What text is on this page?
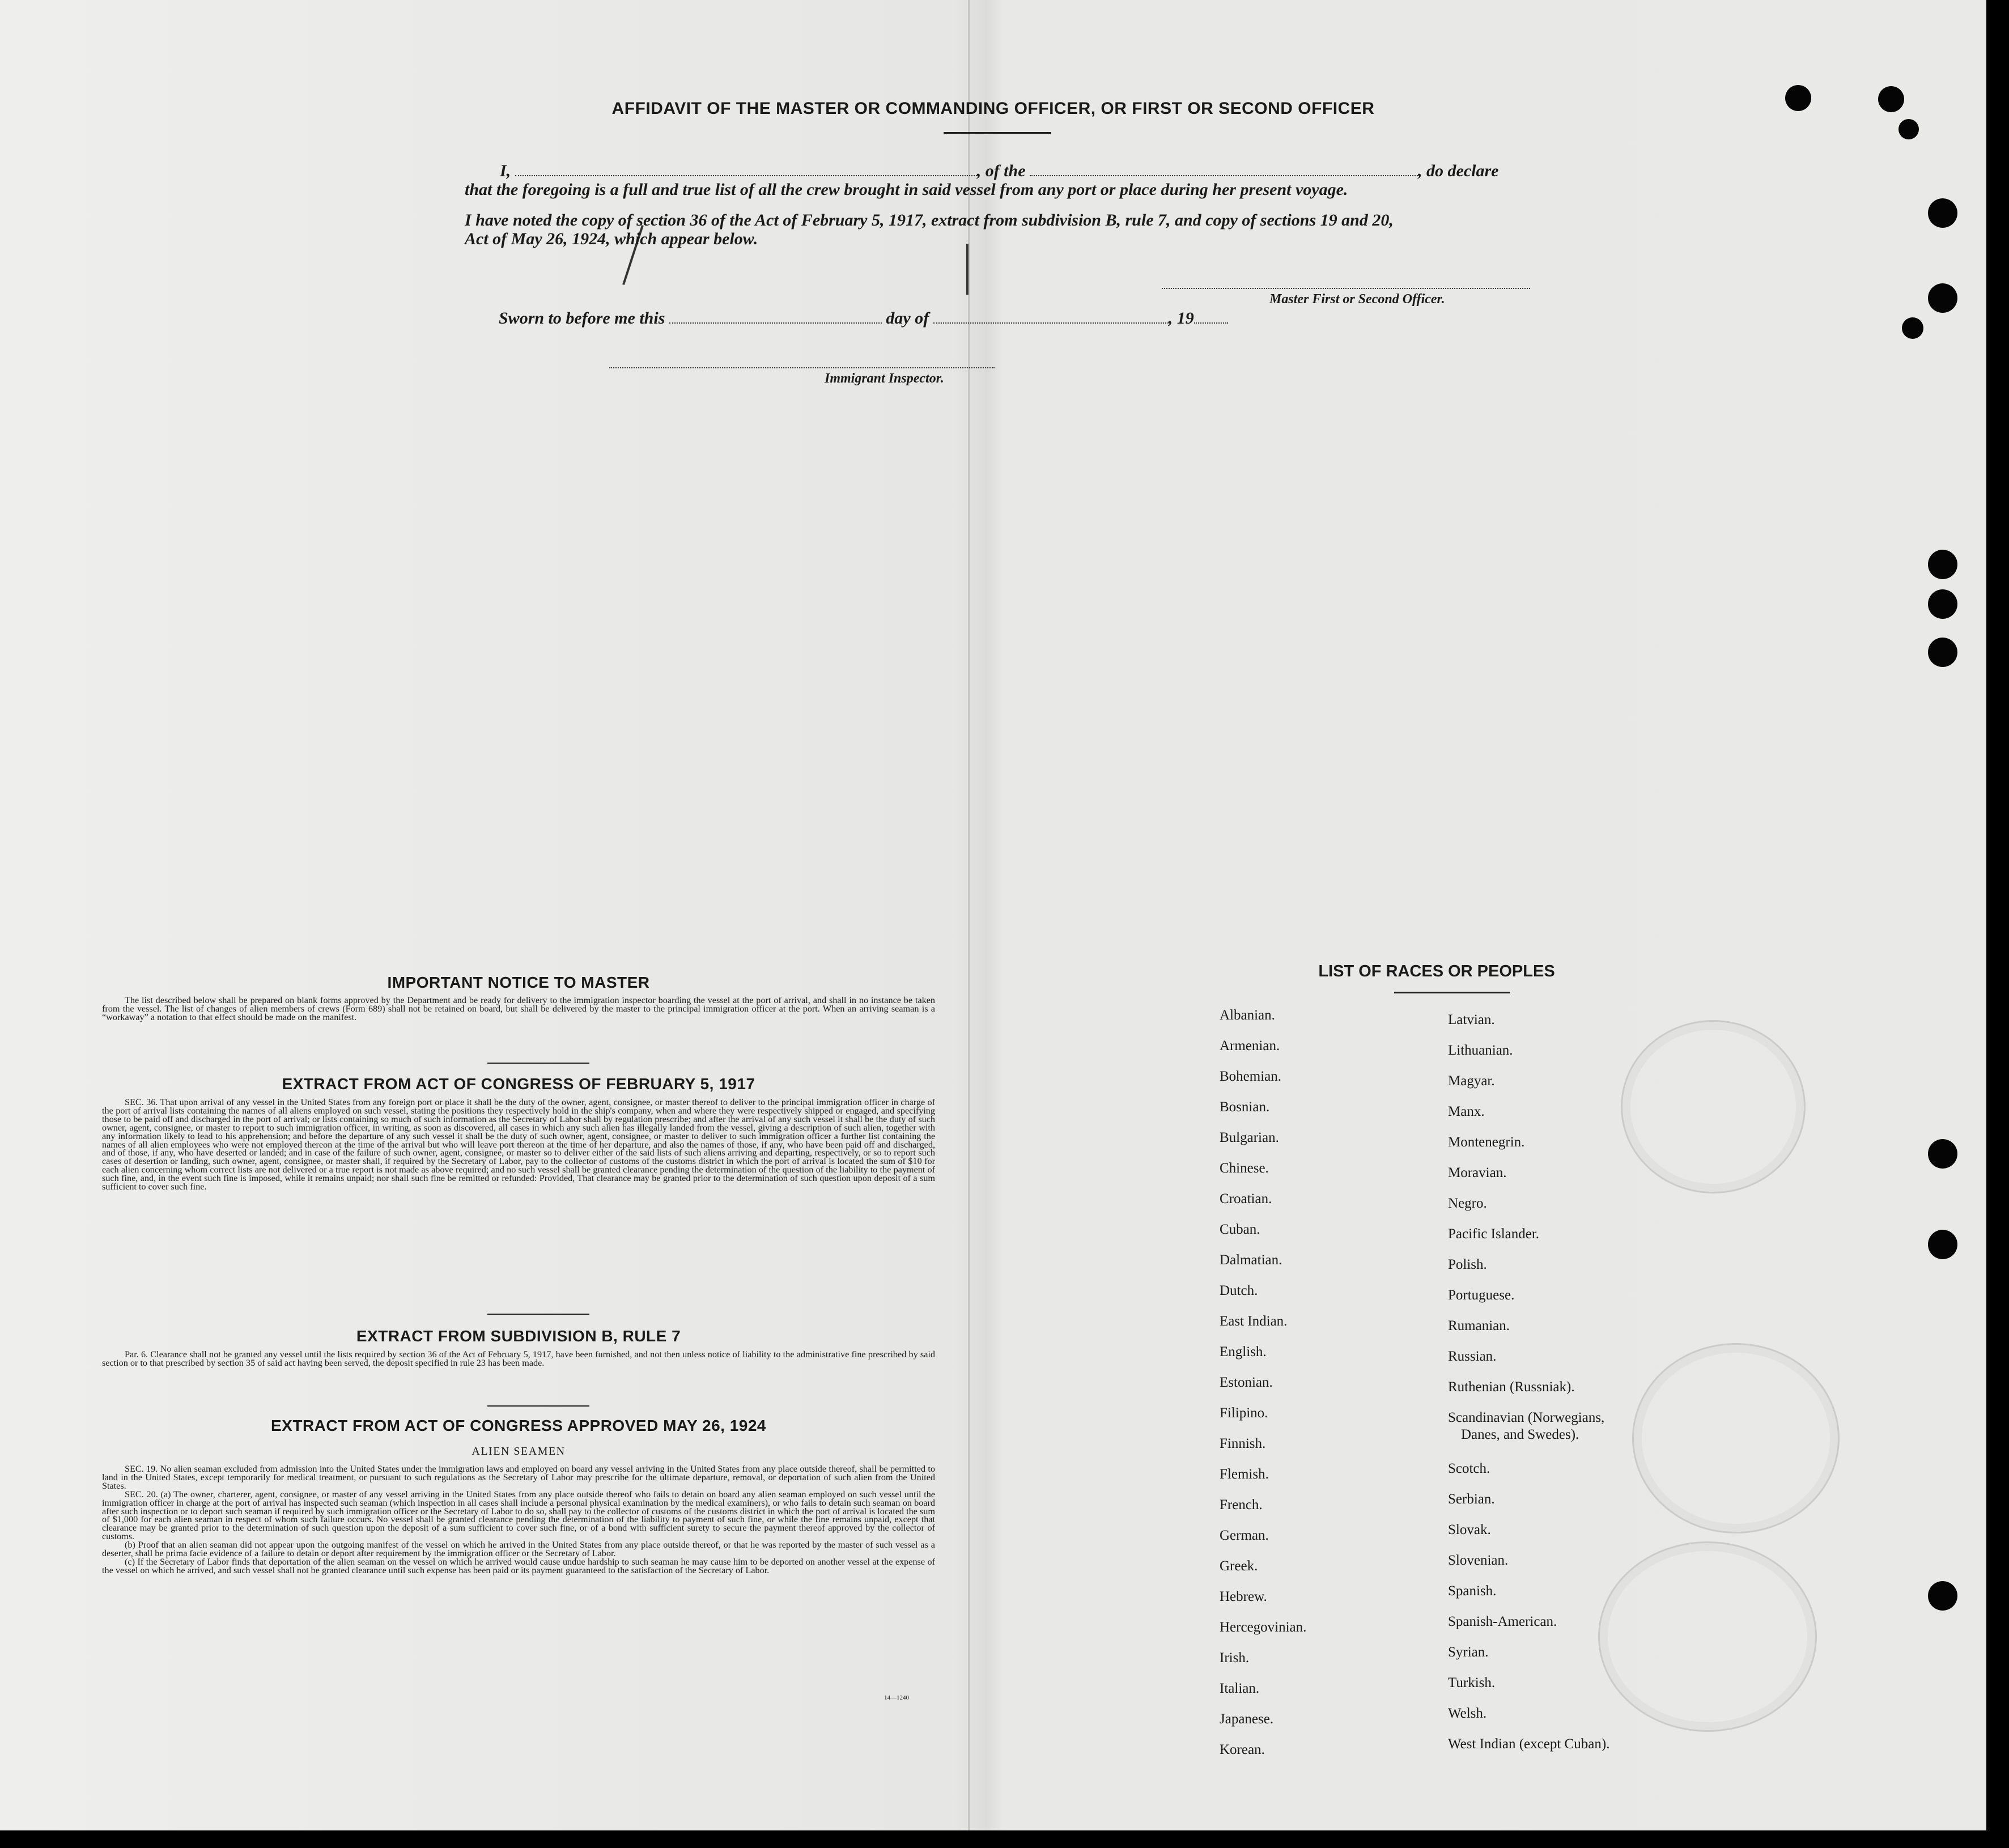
AFFIDAVIT OF THE MASTER OR COMMANDING OFFICER, OR FIRST OR SECOND OFFICER
I,	, of the	, do declare
that the foregoing is a full and true list of all the crew brought in said vessel from any port or place during her present voyage.
I have noted the copy of section 36 of the Act of February 5, 1917, extract from subdivision B, rule 7, and copy of sections 19 and 20,
Act of May 26, 1924, which appear below.
Master First or Second Officer.
Sworn to before me this	day of	, 19
Immigrant Inspector.
IMPORTANT NOTICE TO MASTER
The list described below shall be prepared on blank forms approved by the Department and be ready for delivery to the immigration inspector boarding the vessel at the port of arrival, and shall in no instance be taken from the vessel. The list of changes of alien members of crews (Form 689) shall not be retained on board, but shall be delivered by the master to the principal immigration officer at the port. When an arriving seaman is a “workaway” a notation to that effect should be made on the manifest.
EXTRACT FROM ACT OF CONGRESS OF FEBRUARY 5, 1917
SEC. 36. That upon arrival of any vessel in the United States from any foreign port or place it shall be the duty of the owner, agent, consignee, or master thereof to deliver to the principal immigration officer in charge of the port of arrival lists containing the names of all aliens employed on such vessel, stating the positions they respectively hold in the ship's company, when and where they were respectively shipped or engaged, and specifying those to be paid off and discharged in the port of arrival; or lists containing so much of such information as the Secretary of Labor shall by regulation prescribe; and after the arrival of any such vessel it shall be the duty of such owner, agent, consignee, or master to report to such immigration officer, in writing, as soon as discovered, all cases in which any such alien has illegally landed from the vessel, giving a description of such alien, together with any information likely to lead to his apprehension; and before the departure of any such vessel it shall be the duty of such owner, agent, consignee, or master to deliver to such immigration officer a further list containing the names of all alien employees who were not employed thereon at the time of the arrival but who will leave port thereon at the time of her departure, and also the names of those, if any, who have been paid off and discharged, and of those, if any, who have deserted or landed; and in case of the failure of such owner, agent, consignee, or master so to deliver either of the said lists of such aliens arriving and departing, respectively, or so to report such cases of desertion or landing, such owner, agent, consignee, or master shall, if required by the Secretary of Labor, pay to the collector of customs of the customs district in which the port of arrival is located the sum of $10 for each alien concerning whom correct lists are not delivered or a true report is not made as above required; and no such vessel shall be granted clearance pending the determination of the question of the liability to the payment of such fine, and, in the event such fine is imposed, while it remains unpaid; nor shall such fine be remitted or refunded: Provided, That clearance may be granted prior to the determination of such question upon deposit of a sum sufficient to cover such fine.
EXTRACT FROM SUBDIVISION B, RULE 7
Par. 6. Clearance shall not be granted any vessel until the lists required by section 36 of the Act of February 5, 1917, have been furnished, and not then unless notice of liability to the administrative fine prescribed by said section or to that prescribed by section 35 of said act having been served, the deposit specified in rule 23 has been made.
EXTRACT FROM ACT OF CONGRESS APPROVED MAY 26, 1924
ALIEN SEAMEN

SEC. 19. No alien seaman excluded from admission into the United States under the immigration laws and employed on board any vessel arriving in the United States from any place outside thereof, shall be permitted to land in the United States, except temporarily for medical treatment, or pursuant to such regulations as the Secretary of Labor may prescribe for the ultimate departure, removal, or deportation of such alien from the United States.

SEC. 20. (a) The owner, charterer, agent, consignee, or master of any vessel arriving in the United States from any place outside thereof who fails to detain on board any alien seaman employed on such vessel until the immigration officer in charge at the port of arrival has inspected such seaman (which inspection in all cases shall include a personal physical examination by the medical examiners), or who fails to detain such seaman on board after such inspection or to deport such seaman if required by such immigration officer or the Secretary of Labor to do so, shall pay to the collector of customs of the customs district in which the port of arrival is located the sum of $1,000 for each alien seaman in respect of whom such failure occurs. No vessel shall be granted clearance pending the determination of the liability to payment of such fine, or while the fine remains unpaid, except that clearance may be granted prior to the determination of such question upon the deposit of a sum sufficient to cover such fine, or of a bond with sufficient surety to secure the payment thereof approved by the collector of customs.

(b) Proof that an alien seaman did not appear upon the outgoing manifest of the vessel on which he arrived in the United States from any place outside thereof, or that he was reported by the master of such vessel as a deserter, shall be prima facie evidence of a failure to detain or deport after requirement by the immigration officer or the Secretary of Labor.

(c) If the Secretary of Labor finds that deportation of the alien seaman on the vessel on which he arrived would cause undue hardship to such seaman he may cause him to be deported on another vessel at the expense of the vessel on which he arrived, and such vessel shall not be granted clearance until such expense has been paid or its payment guaranteed to the satisfaction of the Secretary of Labor.

14—1240
LIST OF RACES OR PEOPLES
Albanian.
Armenian.
Bohemian.
Bosnian.
Bulgarian.
Chinese.
Croatian.
Cuban.
Dalmatian.
Dutch.
East Indian.
English.
Estonian.
Filipino.
Finnish.
Flemish.
French.
German.
Greek.
Hebrew.
Hercegovinian.
Irish.
Italian.
Japanese.
Korean.
Latvian.
Lithuanian.
Magyar.
Manx.
Montenegrin.
Moravian.
Negro.
Pacific Islander.
Polish.
Portuguese.
Rumanian.
Russian.
Ruthenian (Russniak).
Scandinavian (Norwegians,
Danes, and Swedes).
Scotch.
Serbian.
Slovak.
Slovenian.
Spanish.
Spanish-American.
Syrian.
Turkish.
Welsh.
West Indian (except Cuban).
